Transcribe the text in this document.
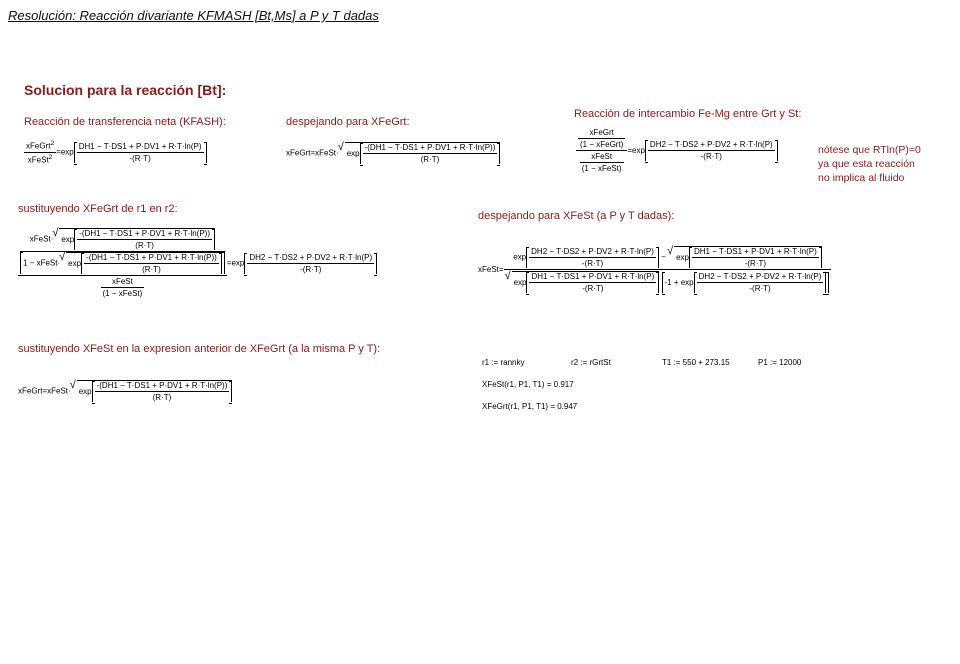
Resolución: Reacción divariante KFMASH [Bt,Ms] a P y T dadas
Solucion para la reacción [Bt]:
Reacción de transferencia neta (KFASH):	despejando para XFeGrt:
Reacción de intercambio Fe-Mg entre Grt y St:
$\frac{xFeGrt^2}{xFeSt^2} =\exp \frac{DH1 - T\cdot DS1 + P\cdot DV1 + R\cdot T\cdot\ln(P)}{-(R\cdot T)}$	xFeGrt=xFeSt· √ $\exp \frac{-(DH1 - T\cdot DS1 + P\cdot DV1 + R\cdot T\cdot\ln(P))}{(R\cdot T)}$	$\frac{\frac{\text{xFeGrt}}{\text{(1 − xFeGrt)}}}{\frac{\text{xFeSt}}{\text{(1 − xFeSt)}}} =\exp \frac{DH2 - T\cdot DS2 + P\cdot DV2 + R\cdot T\cdot\ln(P)}{-(R\cdot T)}$	nótese que RTln(P)=0
ya que esta reacción
no implica al fluido
sustituyendo XFeGrt de r1 en r2:
despejando para XFeSt (a P y T dadas):
xFeSt· √ $\exp \frac{-(DH1 - T\cdot DS1 + P\cdot DV1 + R\cdot T\cdot\ln(P))}{(R\cdot T)}$
1 − xFeSt· √ $\exp \frac{-(DH1 - T\cdot DS1 + P\cdot DV1 + R\cdot T\cdot\ln(P))}{(R\cdot T)}$
$\frac{\text{xFeSt}}{\text{(1 − xFeSt)}}$
$=\exp \frac{DH2 - T\cdot DS2 + P\cdot DV2 + R\cdot T\cdot\ln(P)}{-(R\cdot T)}$	xFeSt=
$\exp \frac{DH2 - T\cdot DS2 + P\cdot DV2 + R\cdot T\cdot\ln(P)}{-(R\cdot T)}$ − √ $\exp \frac{DH1 - T\cdot DS1 + P\cdot DV1 + R\cdot T\cdot\ln(P)}{-(R\cdot T)}$
√ $\exp \frac{DH1 - T\cdot DS1 + P\cdot DV1 + R\cdot T\cdot\ln(P)}{-(R\cdot T)} -1 + \exp \frac{DH2 - T\cdot DS2 + P\cdot DV2 + R\cdot T\cdot\ln(P)}{-(R\cdot T)}$
sustituyendo XFeSt en la expresion anterior de XFeGrt (a la misma P y T):
xFeGrt=xFeSt· √ $\exp \frac{-(DH1 - T\cdot DS1 + P\cdot DV1 + R\cdot T\cdot\ln(P))}{(R\cdot T)}$
r1 := rannky	r2 := rGrtSt	T1 := 550 + 273.15	P1 := 12000
XFeSt(r1, P1, T1) = 0.917
XFeGrt(r1, P1, T1) = 0.947
